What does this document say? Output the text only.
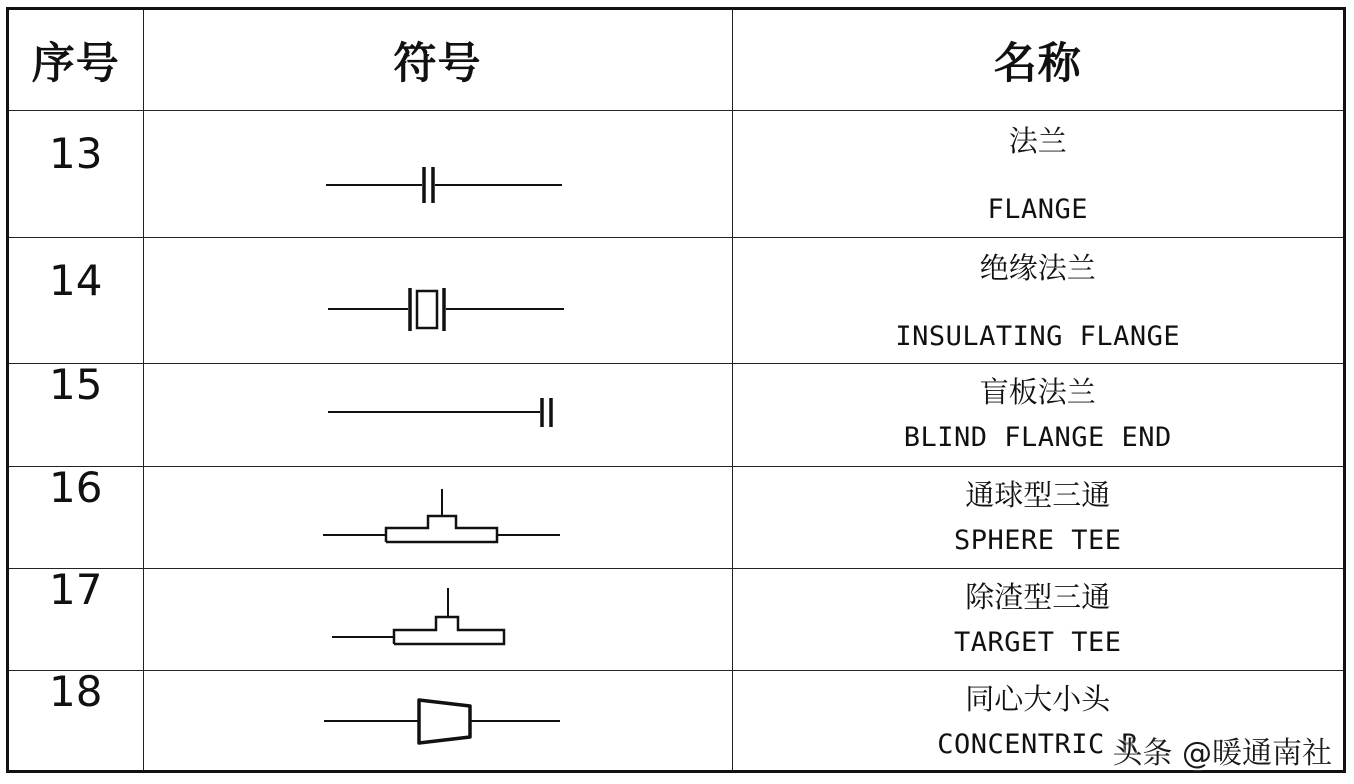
序号	符号	名称
13		法兰
FLANGE

14		绝缘法兰
INSULATING FLANGE

15		盲板法兰
BLIND FLANGE END

16		通球型三通
SPHERE TEE

17		除渣型三通
TARGET TEE

18		同心大小头
CONCENTRIC R
头条 @暖通南社
